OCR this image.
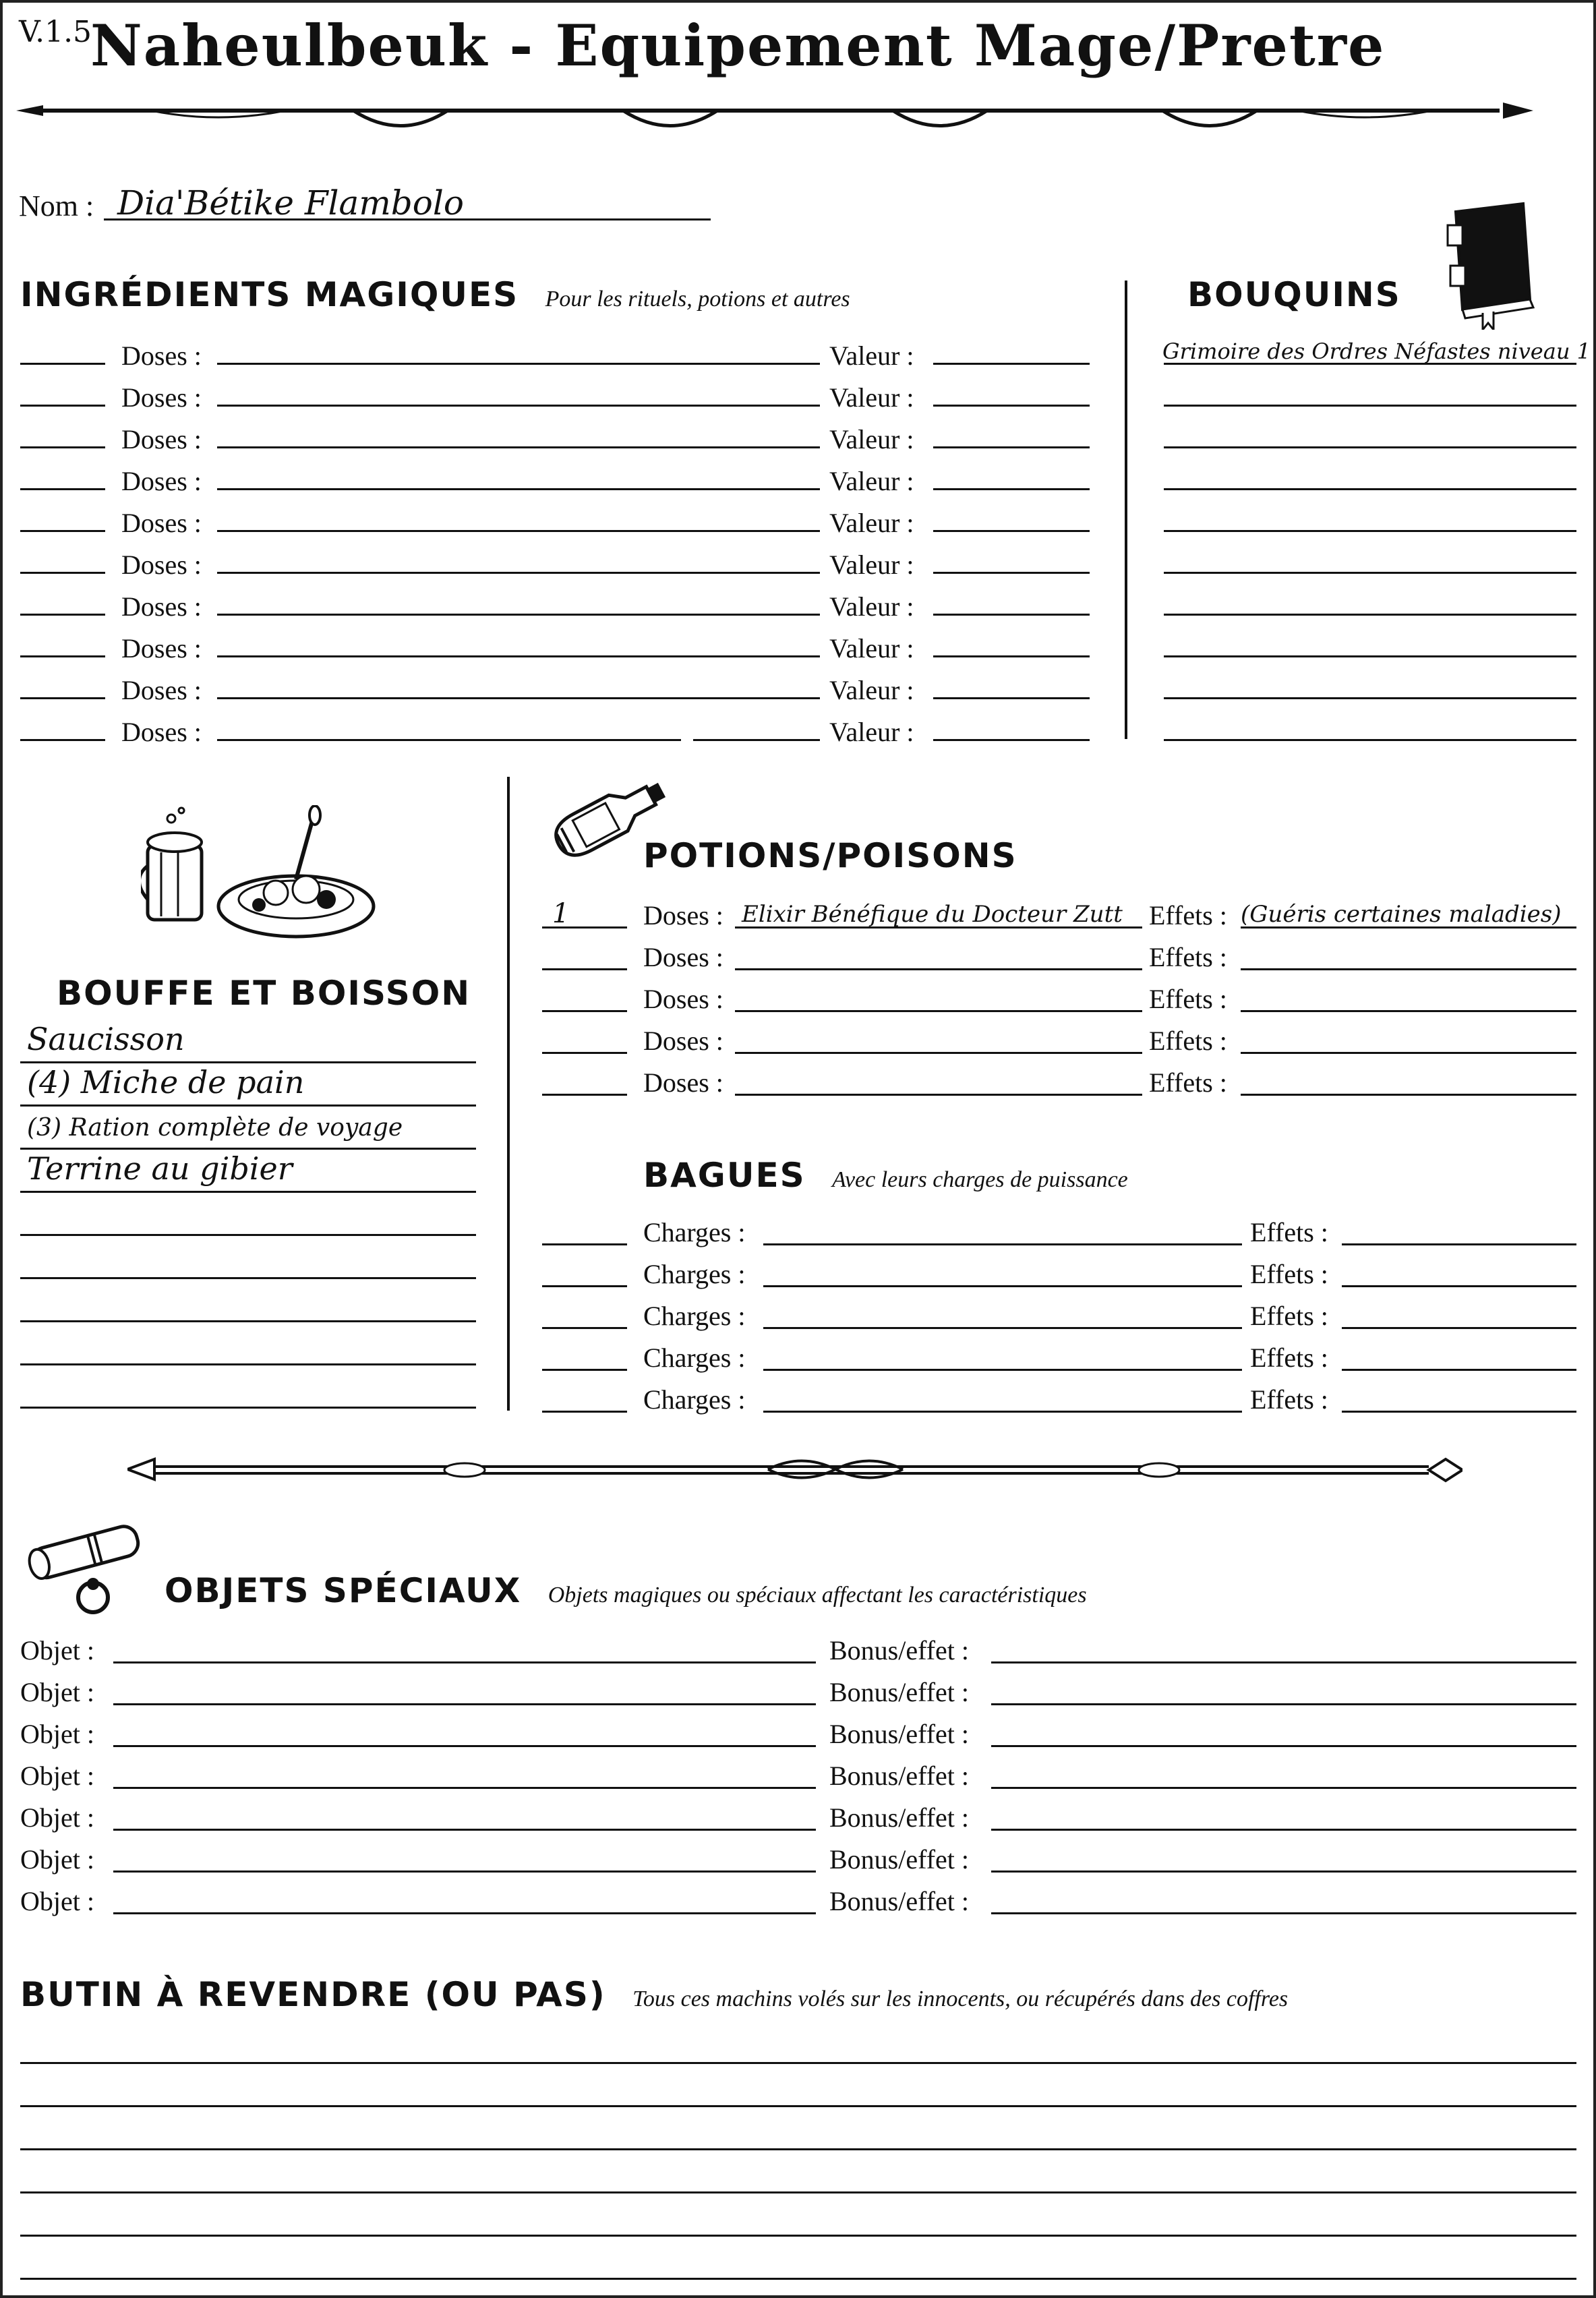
V.1.5
Naheulbeuk - Equipement Mage/Pretre
Nom : Dia'Bétike Flambolo
INGRÉDIENTS MAGIQUES Pour les rituels, potions et autres
Doses :	Valeur :
Doses :	Valeur :
Doses :	Valeur :
Doses :	Valeur :
Doses :	Valeur :
Doses :	Valeur :
Doses :	Valeur :
Doses :	Valeur :
Doses :	Valeur :
Doses :	Valeur :
BOUQUINS
Grimoire des Ordres Néfastes niveau 1
BOUFFE ET BOISSON
Saucisson
(4) Miche de pain
(3) Ration complète de voyage
Terrine au gibier
POTIONS/POISONS
1	Doses : Elixir Bénéfique du Docteur Zutt Effets : (Guéris certaines maladies)
Doses :	Effets :
Doses :	Effets :
Doses :	Effets :
Doses :	Effets :
BAGUES Avec leurs charges de puissance
Charges :	Effets :
Charges :	Effets :
Charges :	Effets :
Charges :	Effets :
Charges :	Effets :
OBJETS SPÉCIAUX Objets magiques ou spéciaux affectant les caractéristiques
Objet :	Bonus/effet :
Objet :	Bonus/effet :
Objet :	Bonus/effet :
Objet :	Bonus/effet :
Objet :	Bonus/effet :
Objet :	Bonus/effet :
Objet :	Bonus/effet :
BUTIN À REVENDRE (OU PAS) Tous ces machins volés sur les innocents, ou récupérés dans des coffres
